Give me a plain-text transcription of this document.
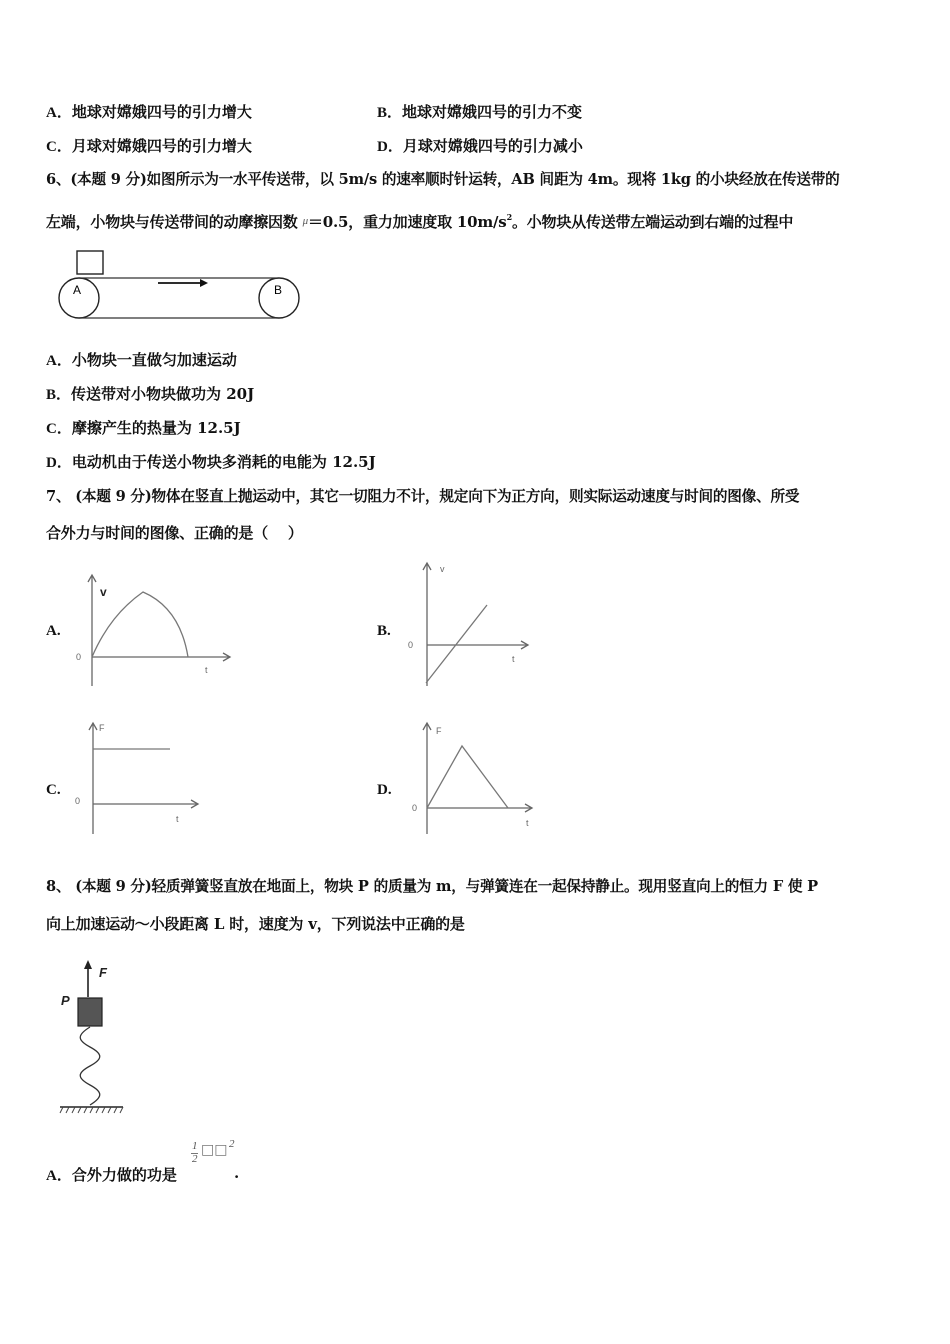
A．地球对嫦娥四号的引力增大	B．地球对嫦娥四号的引力不变
C．月球对嫦娥四号的引力增大	D．月球对嫦娥四号的引力减小
6、(本题 9 分)如图所示为一水平传送带，以 5m/s 的速率顺时针运转，AB 间距为 4m。现将 1kg 的小块经放在传送带的
左端，小物块与传送带间的动摩擦因数 $^\mu$＝0.5，重力加速度取 $10m/s^2$。小物块从传送带左端运动到右端的过程中
A	B
A．小物块一直做匀加速运动
B．传送带对小物块做功为 20J
C．摩擦产生的热量为 12.5J
D．电动机由于传送小物块多消耗的电能为 12.5J
7、 (本题 9 分)物体在竖直上抛运动中，其它一切阻力不计，规定向下为正方向，则实际运动速度与时间的图像、所受
合外力与时间的图像、正确的是（　 ）
A.
v
0
t
B.
v
0
t
C.
F
0
t
D.
F
0
t
8、 (本题 9 分)轻质弹簧竖直放在地面上，物块 P 的质量为 m，与弹簧连在一起保持静止。现用竖直向上的恒力 F 使 P
向上加速运动～小段距离 L 时，速度为 v，下列说法中正确的是
F
P
A．合外力做的功是
1
2
□□ 2
.
